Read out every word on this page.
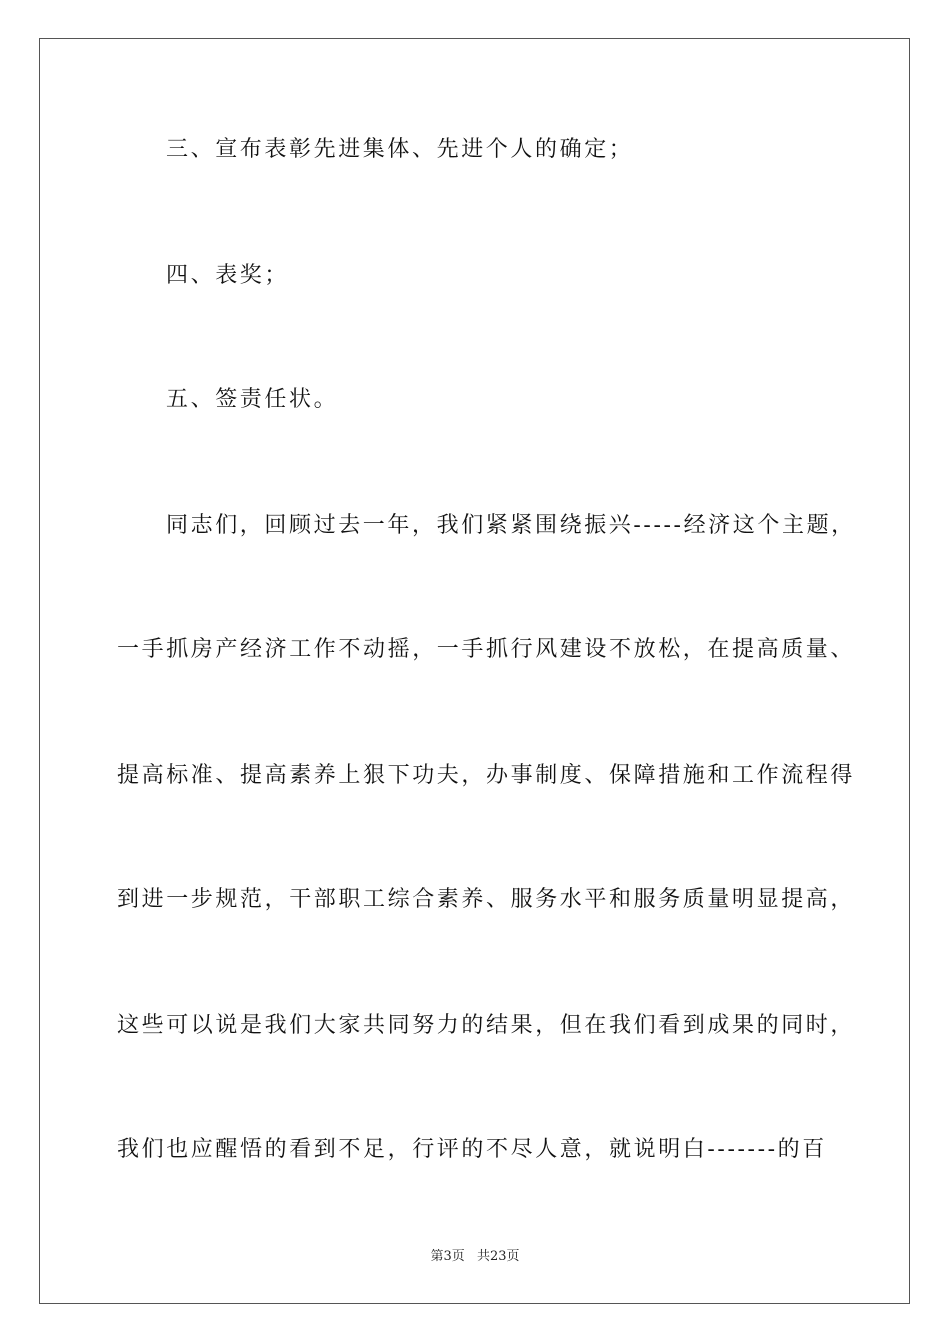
三、宣布表彰先进集体、先进个人的确定；
四、表奖；
五、签责任状。
同志们，回顾过去一年，我们紧紧围绕振兴-----经济这个主题，
一手抓房产经济工作不动摇，一手抓行风建设不放松，在提高质量、
提高标准、提高素养上狠下功夫，办事制度、保障措施和工作流程得
到进一步规范，干部职工综合素养、服务水平和服务质量明显提高，
这些可以说是我们大家共同努力的结果，但在我们看到成果的同时，
我们也应醒悟的看到不足，行评的不尽人意，就说明白-------的百
第3页 共23页
